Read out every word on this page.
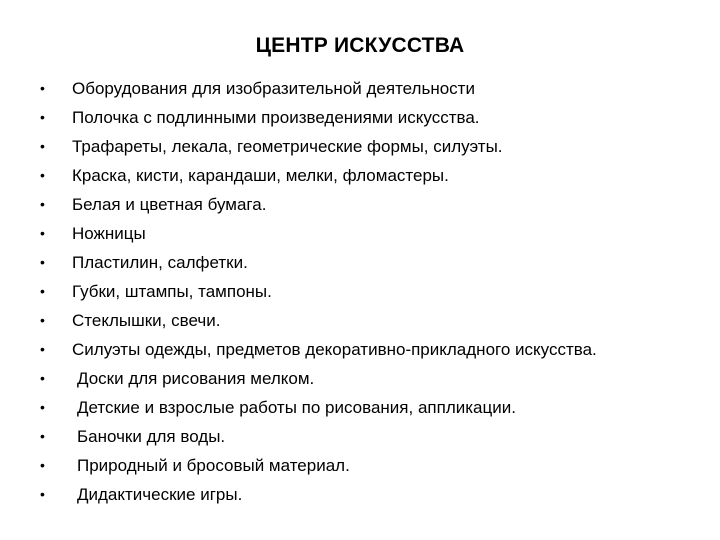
ЦЕНТР ИСКУССТВА
•	Оборудования для изобразительной деятельности
•	Полочка с подлинными произведениями искусства.
•	Трафареты, лекала, геометрические формы, силуэты.
•	Краска, кисти, карандаши, мелки, фломастеры.
•	Белая и цветная бумага.
•	Ножницы
•	Пластилин, салфетки.
•	Губки, штампы, тампоны.
•	Стеклышки, свечи.
•	Силуэты одежды, предметов декоративно-прикладного искусства.
•	Доски для рисования мелком.
•	Детские и взрослые работы по рисования, аппликации.
•	Баночки для воды.
•	Природный и бросовый материал.
•	Дидактические игры.
